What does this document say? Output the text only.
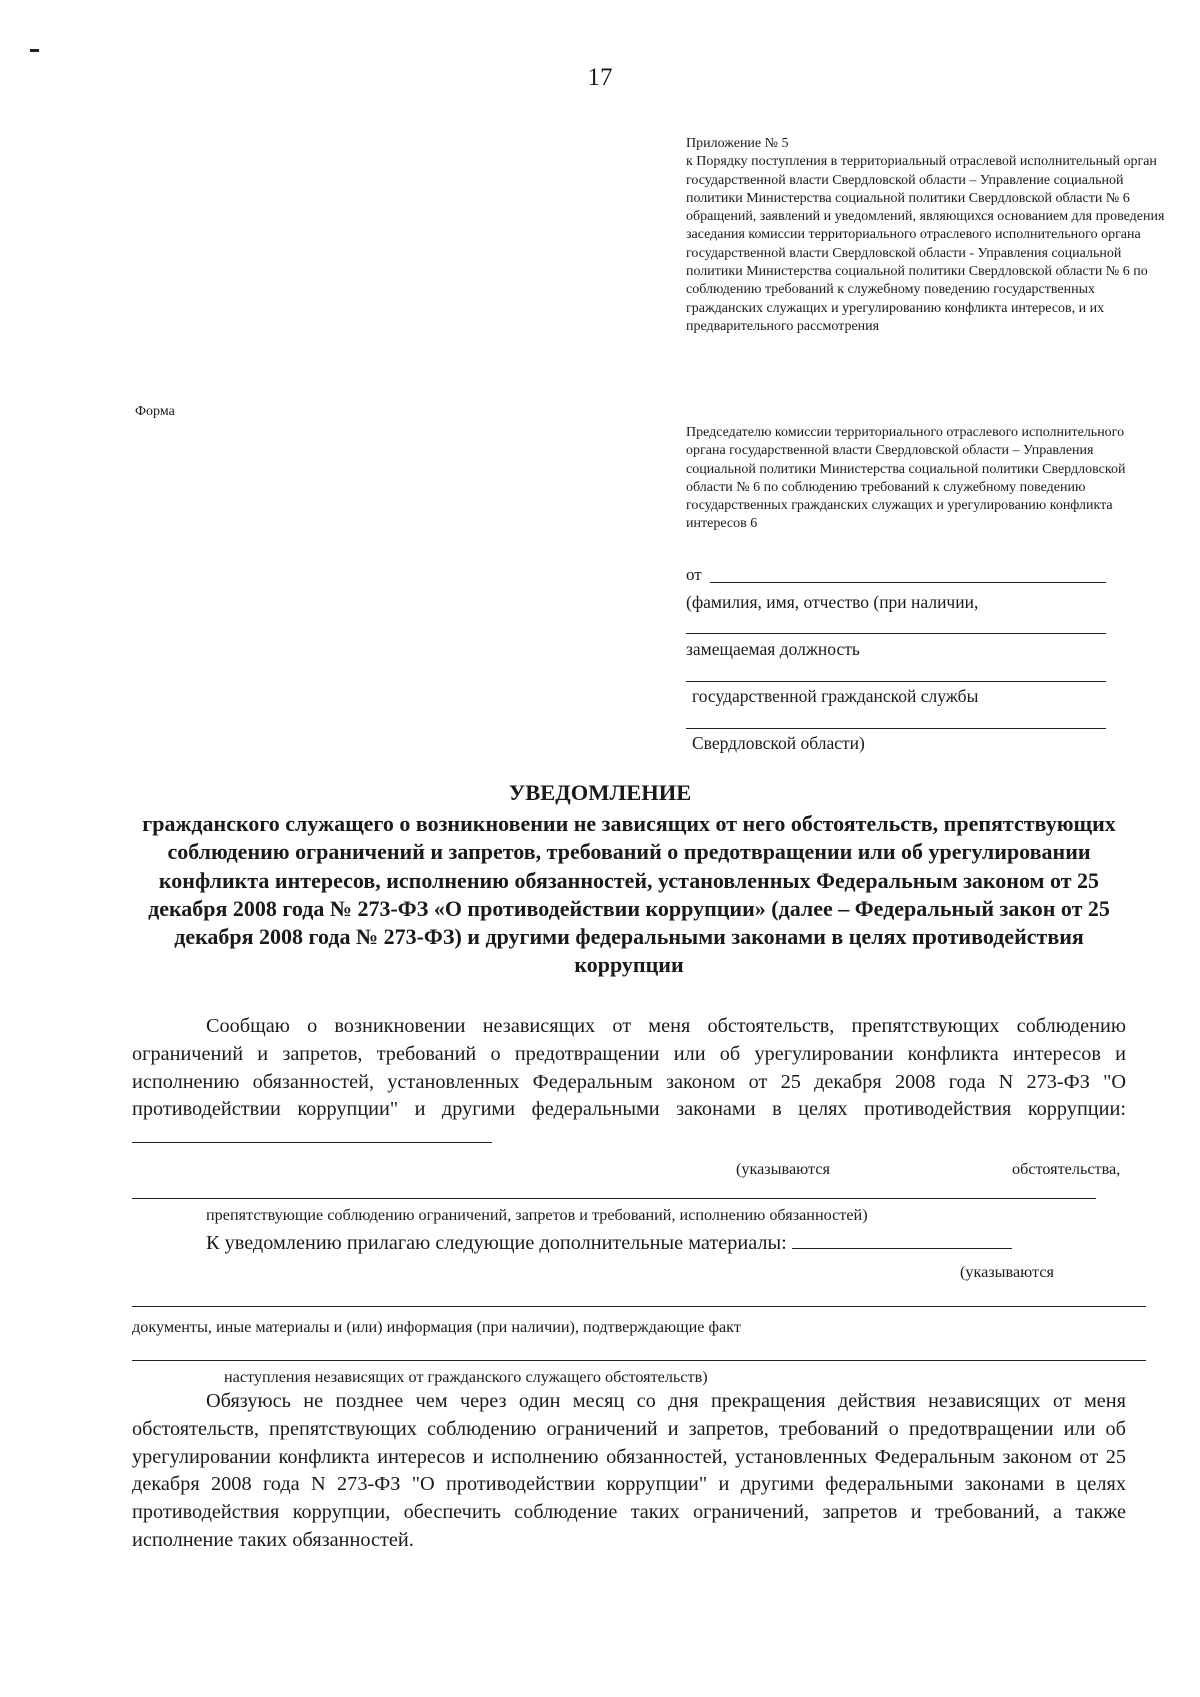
17
Приложение № 5
к Порядку поступления в территориальный отраслевой исполнительный орган государственной власти Свердловской области – Управление социальной политики Министерства социальной политики Свердловской области № 6 обращений, заявлений и уведомлений, являющихся основанием для проведения заседания комиссии территориального отраслевого исполнительного органа государственной власти Свердловской области - Управления социальной политики Министерства социальной политики Свердловской области № 6 по соблюдению требований к служебному поведению государственных гражданских служащих и урегулированию конфликта интересов, и их предварительного рассмотрения
Форма
Председателю комиссии территориального отраслевого исполнительного органа государственной власти Свердловской области – Управления социальной политики Министерства социальной политики Свердловской области № 6 по соблюдению требований к служебному поведению государственных гражданских служащих и урегулированию конфликта интересов 6
от
(фамилия, имя, отчество (при наличии,
замещаемая должность
государственной гражданской службы
Свердловской области)
УВЕДОМЛЕНИЕ
гражданского служащего о возникновении не зависящих от него обстоятельств, препятствующих соблюдению ограничений и запретов, требований о предотвращении или об урегулировании конфликта интересов, исполнению обязанностей, установленных Федеральным законом от 25 декабря 2008 года № 273-ФЗ «О противодействии коррупции» (далее – Федеральный закон от 25 декабря 2008 года № 273-ФЗ) и другими федеральными законами в целях противодействия коррупции
Сообщаю о возникновении независящих от меня обстоятельств, препятствующих соблюдению ограничений и запретов, требований о предотвращении или об урегулировании конфликта интересов и исполнению обязанностей, установленных Федеральным законом от 25 декабря 2008 года N 273-ФЗ "О противодействии коррупции" и другими федеральными законами в целях противодействия коррупции:
(указываются	обстоятельства,
препятствующие соблюдению ограничений, запретов и требований, исполнению обязанностей)
К уведомлению прилагаю следующие дополнительные материалы:
(указываются
документы, иные материалы и (или) информация (при наличии), подтверждающие факт
наступления независящих от гражданского служащего обстоятельств)
Обязуюсь не позднее чем через один месяц со дня прекращения действия независящих от меня обстоятельств, препятствующих соблюдению ограничений и запретов, требований о предотвращении или об урегулировании конфликта интересов и исполнению обязанностей, установленных Федеральным законом от 25 декабря 2008 года N 273-ФЗ "О противодействии коррупции" и другими федеральными законами в целях противодействия коррупции, обеспечить соблюдение таких ограничений, запретов и требований, а также исполнение таких обязанностей.
